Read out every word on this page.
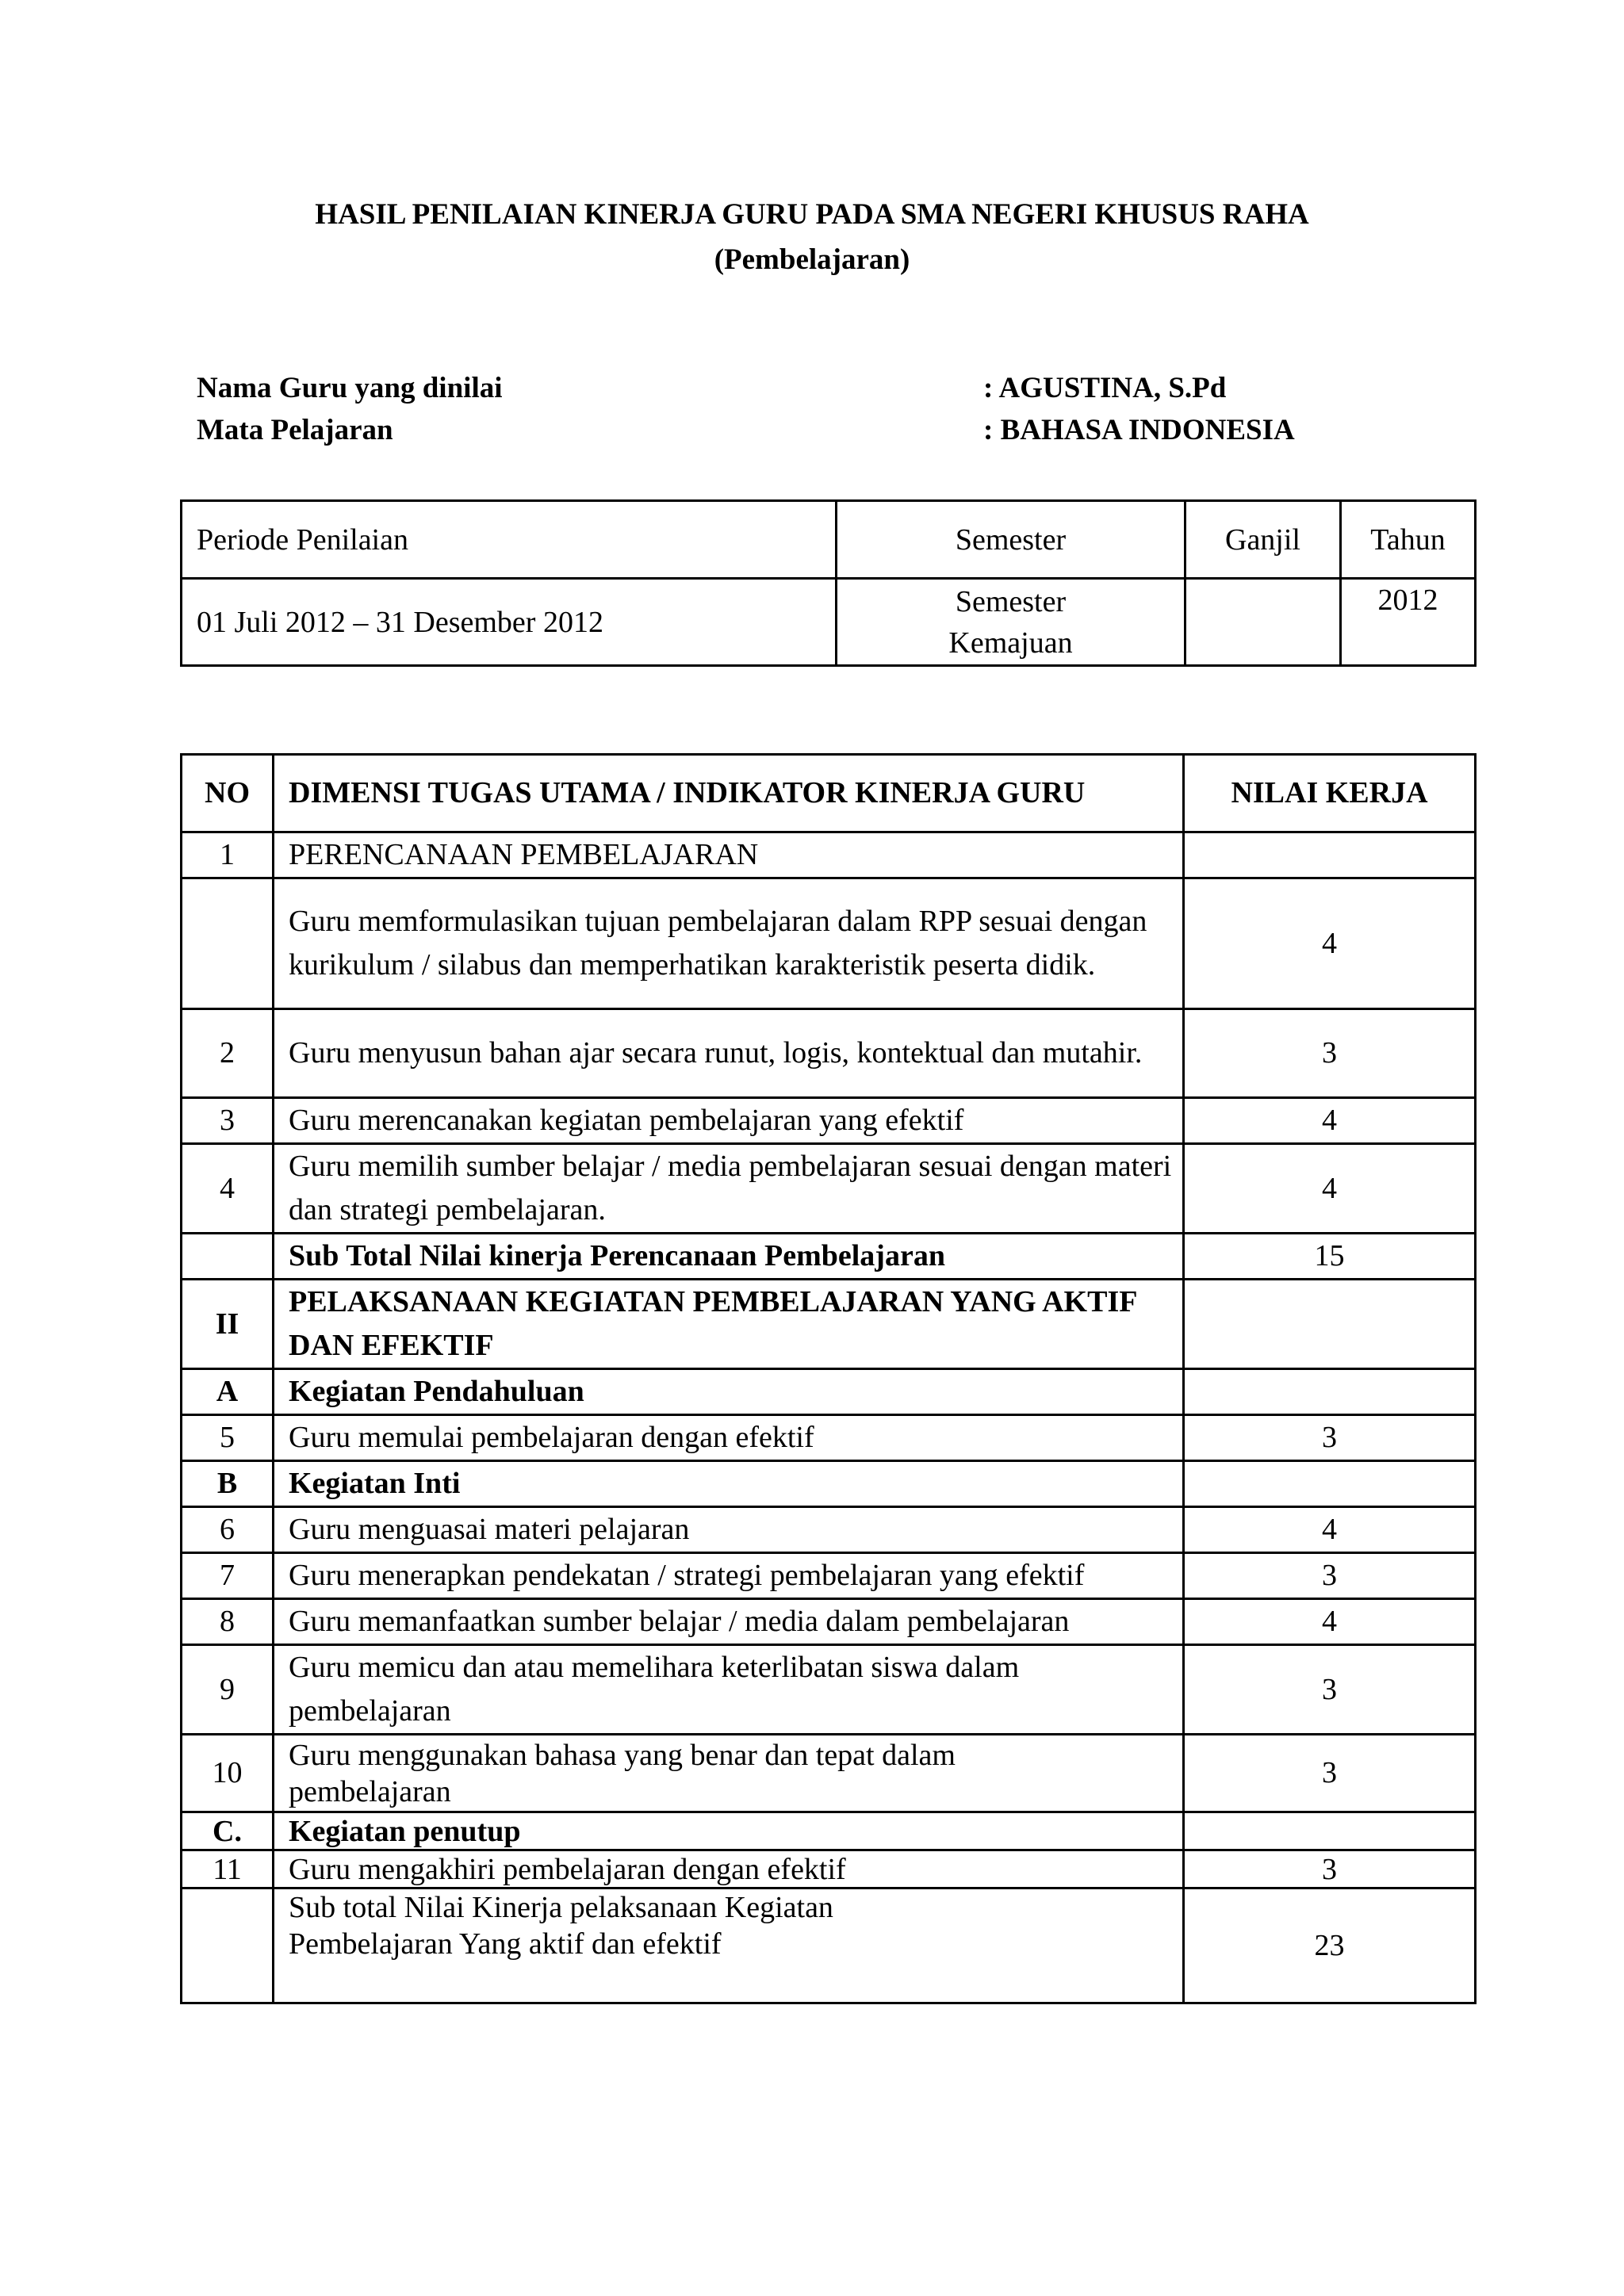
HASIL PENILAIAN KINERJA GURU PADA SMA NEGERI KHUSUS RAHA
(Pembelajaran)
Nama Guru yang dinilai	: AGUSTINA, S.Pd
Mata Pelajaran	: BAHASA INDONESIA
Periode Penilaian	Semester	Ganjil	Tahun
01 Juli 2012 – 31 Desember 2012	Semester Kemajuan		2012
NO	DIMENSI TUGAS UTAMA / INDIKATOR KINERJA GURU	NILAI KERJA
1	PERENCANAAN PEMBELAJARAN	
	Guru memformulasikan tujuan pembelajaran dalam RPP sesuai dengan kurikulum / silabus dan memperhatikan karakteristik peserta didik.	4
2	Guru menyusun bahan ajar secara runut, logis, kontektual dan mutahir.	3
3	Guru merencanakan kegiatan pembelajaran yang efektif	4
4	Guru memilih sumber belajar / media pembelajaran sesuai dengan materi dan strategi pembelajaran.	4
	Sub Total Nilai kinerja Perencanaan Pembelajaran	15
II	PELAKSANAAN KEGIATAN PEMBELAJARAN YANG AKTIF DAN EFEKTIF	
A	Kegiatan Pendahuluan	
5	Guru memulai pembelajaran dengan efektif	3
B	Kegiatan Inti	
6	Guru menguasai materi pelajaran	4
7	Guru menerapkan pendekatan / strategi pembelajaran yang efektif	3
8	Guru memanfaatkan sumber belajar / media dalam pembelajaran	4
9	Guru memicu dan atau memelihara keterlibatan siswa dalam pembelajaran	3
10	Guru menggunakan bahasa yang benar dan tepat dalam pembelajaran	3
C.	Kegiatan penutup	
11	Guru mengakhiri pembelajaran dengan efektif	3
	Sub total Nilai Kinerja pelaksanaan Kegiatan Pembelajaran Yang aktif dan efektif	23
